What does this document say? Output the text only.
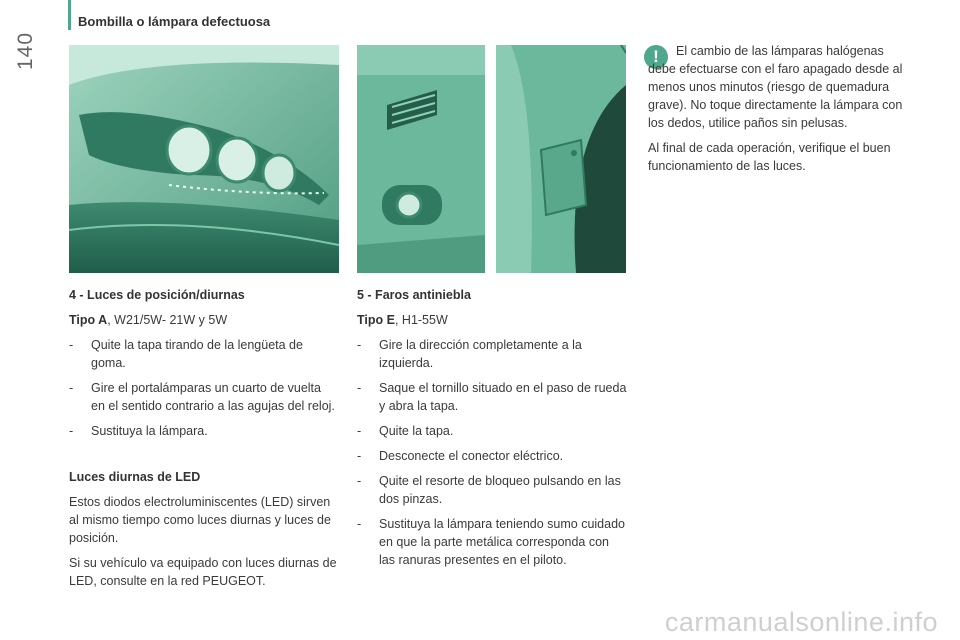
140
Bombilla o lámpara defectuosa
4 - Luces de posición/diurnas

Tipo A, W21/5W- 21W y 5W

- Quite la tapa tirando de la lengüeta de goma.
- Gire el portalámparas un cuarto de vuelta en el sentido contrario a las agujas del reloj.
- Sustituya la lámpara.
Luces diurnas de LED

Estos diodos electroluminiscentes (LED) sirven al mismo tiempo como luces diurnas y luces de posición.

Si su vehículo va equipado con luces diurnas de LED, consulte en la red PEUGEOT.

5 - Faros antiniebla

Tipo E, H1-55W

- Gire la dirección completamente a la izquierda.
- Saque el tornillo situado en el paso de rueda y abra la tapa.
- Quite la tapa.
- Desconecte el conector eléctrico.
- Quite el resorte de bloqueo pulsando en las dos pinzas.
- Sustituya la lámpara teniendo sumo cuidado en que la parte metálica corresponda con las ranuras presentes en el piloto.
!	El cambio de las lámparas halógenas debe efectuarse con el faro apagado desde al menos unos minutos (riesgo de quemadura grave). No toque directamente la lámpara con los dedos, utilice paños sin pelusas.

Al final de cada operación, verifique el buen funcionamiento de las luces.

carmanualsonline.info
